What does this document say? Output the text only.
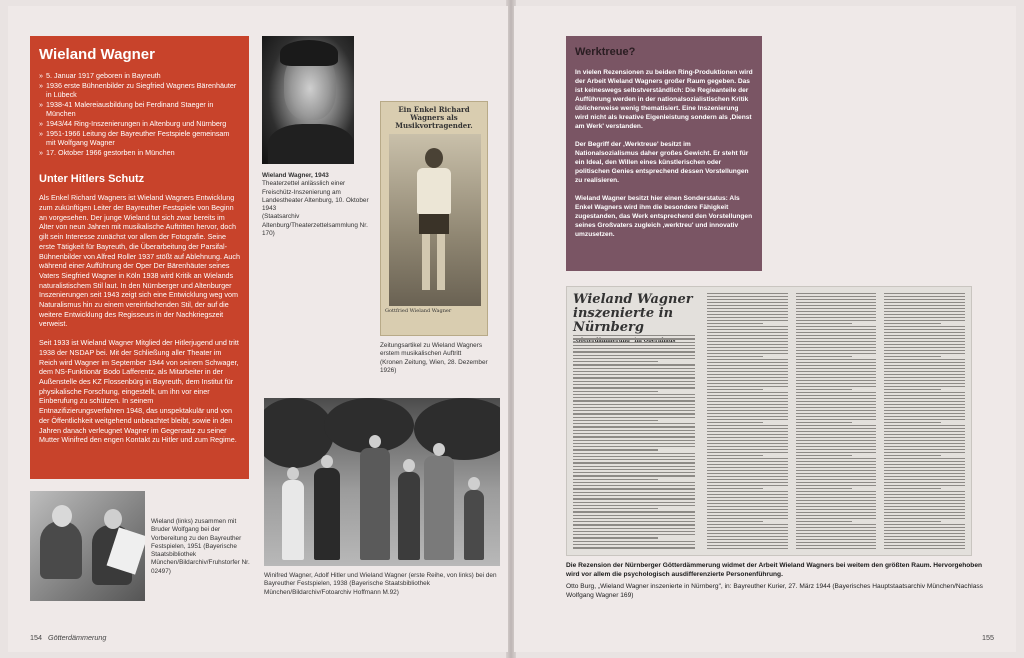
Wieland Wagner
» 5. Januar 1917 geboren in Bayreuth
» 1936 erste Bühnenbilder zu Siegfried Wagners Bärenhäuter in Lübeck
» 1938-41 Malereiausbildung bei Ferdinand Staeger in München
» 1943/44 Ring-Inszenierungen in Altenburg und Nürnberg
» 1951-1966 Leitung der Bayreuther Festspiele gemeinsam mit Wolfgang Wagner
» 17. Oktober 1966 gestorben in München
Unter Hitlers Schutz

Als Enkel Richard Wagners ist Wieland Wagners Entwicklung zum zukünftigen Leiter der Bayreuther Festspiele von Beginn an vorgesehen. Der junge Wieland tut sich zwar bereits im Alter von neun Jahren mit musikalische Auftritten hervor, doch gilt sein Interesse zunächst vor allem der Fotografie. Seine erste Tätigkeit für Bayreuth, die Überarbeitung der Parsifal-Bühnenbilder von Alfred Roller 1937 stößt auf Ablehnung. Auch während einer Aufführung der Oper Der Bärenhäuter seines Vaters Siegfried Wagner in Köln 1938 wird Kritik an Wielands naturalistischem Stil laut. In den Nürnberger und Altenburger Inszenierungen seit 1943 zeigt sich eine Entwicklung weg vom Naturalismus hin zu einem vereinfachenden Stil, der auf die weitere Entwicklung des Regisseurs in der Nachkriegszeit verweist.

Seit 1933 ist Wieland Wagner Mitglied der Hitlerjugend und tritt 1938 der NSDAP bei. Mit der Schließung aller Theater im Reich wird Wagner im September 1944 von seinem Schwager, dem NS-Funktionär Bodo Lafferentz, als Mitarbeiter in der Außenstelle des KZ Flossenbürg in Bayreuth, dem Institut für physikalische Forschung, eingestellt, um ihn vor einer Einberufung zu schützen. In seinem Entnazifizierungsverfahren 1948, das unspektakulär und von der Öffentlichkeit weitgehend unbeachtet bleibt, sowie in den Jahren danach verleugnet Wagner im Gegensatz zu seiner Mutter Winifred den engen Kontakt zu Hitler und zum Regime.

Wieland Wagner, 1943
Theaterzettel anlässlich einer Freischütz-Inszenierung am Landestheater Altenburg, 10. Oktober 1943
(Staatsarchiv Altenburg/Theaterzettelsammlung Nr. 170)
Ein Enkel Richard Wagners als Musikvortragender.
Gottfried Wieland Wagner
Zeitungsartikel zu Wieland Wagners erstem musikalischen Auftritt
(Kronen Zeitung, Wien, 28. Dezember 1926)
Winifred Wagner, Adolf Hitler und Wieland Wagner (erste Reihe, von links) bei den Bayreuther Festspielen, 1938 (Bayerische Staatsbibliothek München/Bildarchiv/Fotoarchiv Hoffmann M.92)
Wieland (links) zusammen mit Bruder Wolfgang bei der Vorbereitung zu den Bayreuther Festspielen, 1951 (Bayerische Staatsbibliothek München/Bildarchiv/Fruhstorfer Nr. 02497)
154 Götterdämmerung
Werktreue?

In vielen Rezensionen zu beiden Ring-Produktionen wird der Arbeit Wieland Wagners großer Raum gegeben. Das ist keineswegs selbstverständlich: Die Regieanteile der Aufführung werden in der nationalsozialistischen Kritik üblicherweise wenig thematisiert. Eine Inszenierung wird nicht als kreative Eigenleistung sondern als ‚Dienst am Werk' verstanden.

Der Begriff der ‚Werktreue' besitzt im Nationalsozialismus daher großes Gewicht. Er steht für ein Ideal, den Willen eines künstlerischen oder politischen Genies entsprechend dessen Vorstellungen zu realisieren.

Wieland Wagner besitzt hier einen Sonderstatus: Als Enkel Wagners wird ihm die besondere Fähigkeit zugestanden, das Werk entsprechend den Vorstellungen seines Großvaters zugleich ‚werktreu' und innovativ umzusetzen.

Wieland Wagner inszenierte in Nürnberg
Die Rezension der Nürnberger Götterdämmerung widmet der Arbeit Wieland Wagners bei weitem den größten Raum. Hervorgehoben wird vor allem die psychologisch ausdifferenzierte Personenführung.
Otto Burg, „Wieland Wagner inszenierte in Nürnberg", in: Bayreuther Kurier, 27. März 1944 (Bayerisches Hauptstaatsarchiv München/Nachlass Wolfgang Wagner 169)
155
